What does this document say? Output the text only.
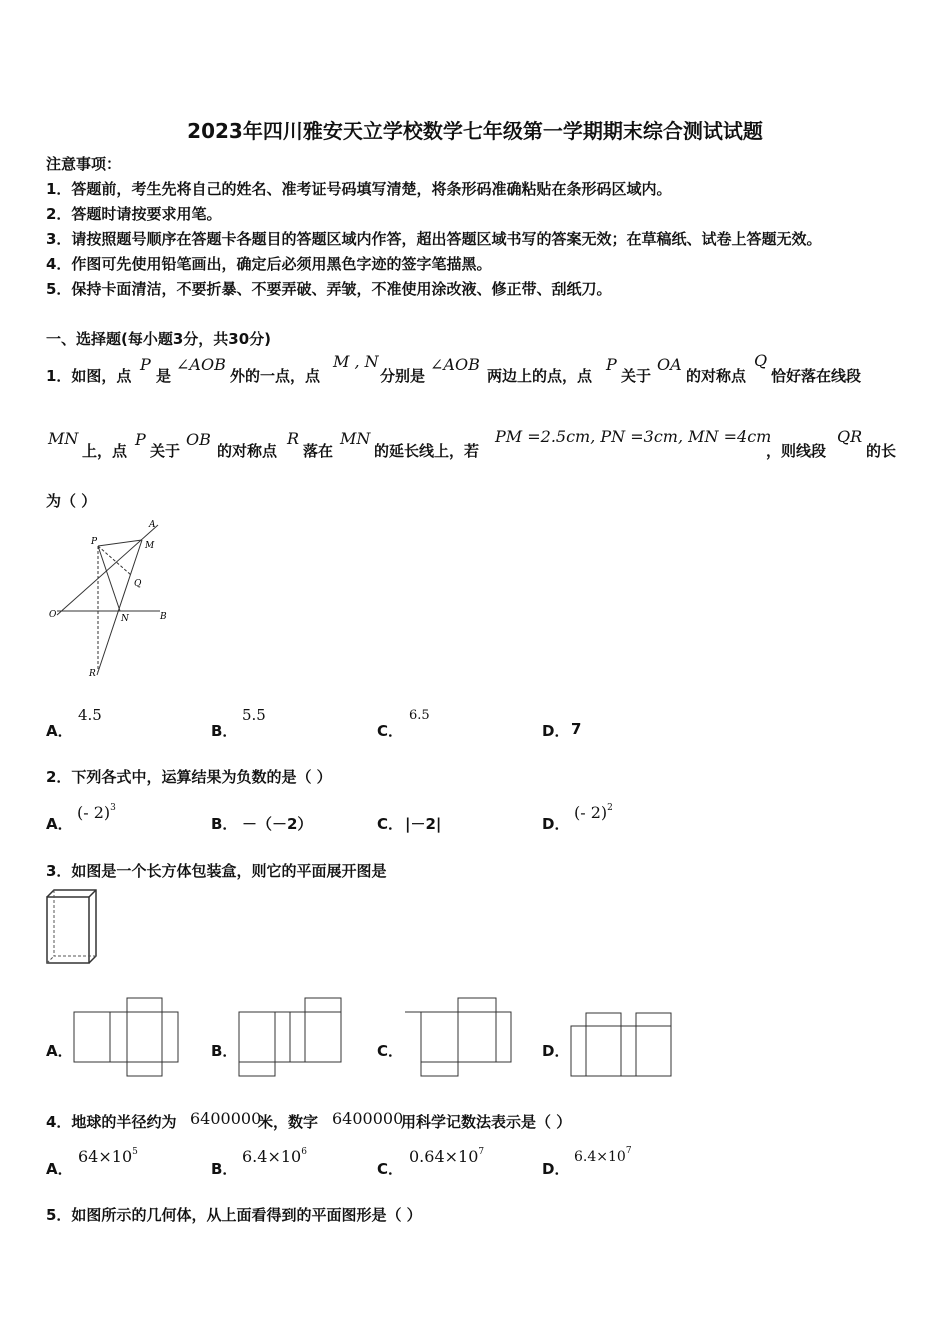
2023年四川雅安天立学校数学七年级第一学期期末综合测试试题
注意事项：
1．答题前，考生先将自己的姓名、准考证号码填写清楚，将条形码准确粘贴在条形码区域内。
2．答题时请按要求用笔。
3．请按照题号顺序在答题卡各题目的答题区域内作答，超出答题区域书写的答案无效；在草稿纸、试卷上答题无效。
4．作图可先使用铅笔画出，确定后必须用黑色字迹的签字笔描黑。
5．保持卡面清洁，不要折暴、不要弄破、弄皱，不准使用涂改液、修正带、刮纸刀。
一、选择题(每小题3分，共30分)
1．如图，点
P
是
∠AOB
外的一点，点
M , N
分别是
∠AOB
两边上的点，点
P
关于
OA
的对称点
Q
恰好落在线段
MN
上，点
P
关于
OB
的对称点
R
落在
MN
的延长线上，若
PM =2.5cm, PN =3cm, MN =4cm
，则线段
QR
的长
为（ ）
A
M
P
Q
O	N	B
R
A．
4.5
B．
5.5
C．
6.5
D． 7
2．下列各式中，运算结果为负数的是（ ）
A．
(- 2)$^3$
B． －（－2）	C． |－2|	D．
(- 2)$^2$
3．如图是一个长方体包装盒，则它的平面展开图是
A．	B．	C．	D．
4．地球的半径约为 6400000
米，数字 6400000
用科学记数法表示是（ ）
A．
$64\times 10^5$
B．
$6.4\times 10^6$
C．
$0.64\times 10^7$
D．
$6.4\times 10^7$
5．如图所示的几何体，从上面看得到的平面图形是（ ）
